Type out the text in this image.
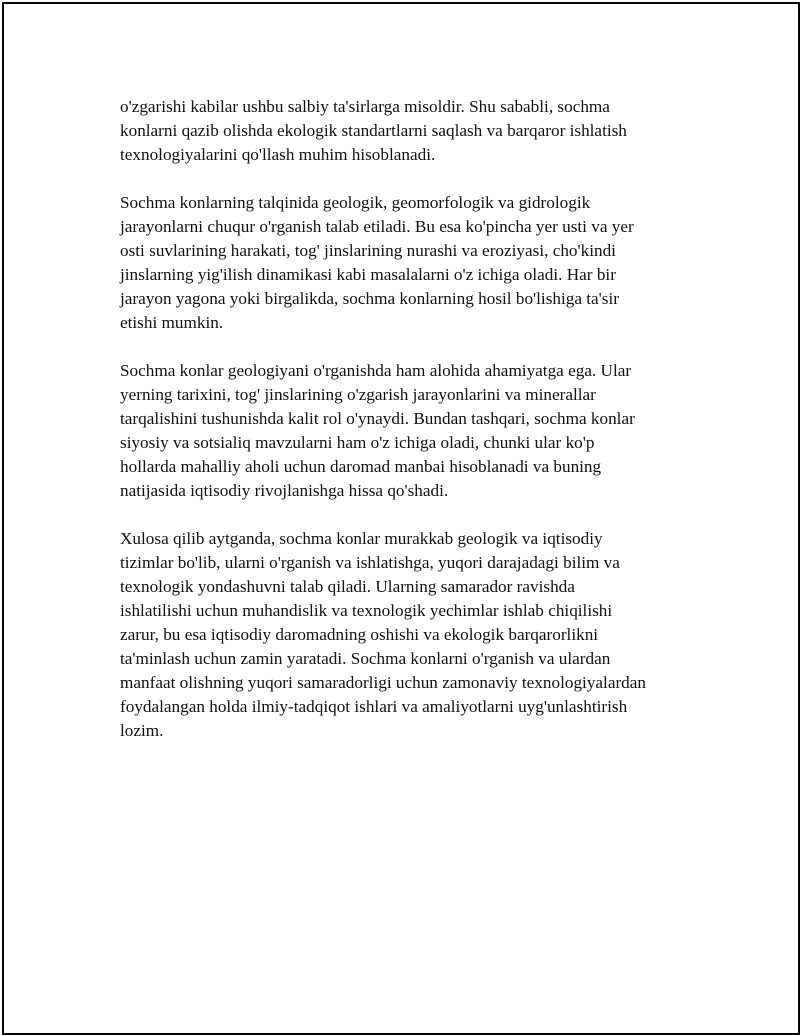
o'zgarishi kabilar ushbu salbiy ta'sirlarga misoldir. Shu sababli, sochma
konlarni qazib olishda ekologik standartlarni saqlash va barqaror ishlatish
texnologiyalarini qo'llash muhim hisoblanadi.

Sochma konlarning talqinida geologik, geomorfologik va gidrologik
jarayonlarni chuqur o'rganish talab etiladi. Bu esa ko'pincha yer usti va yer
osti suvlarining harakati, tog' jinslarining nurashi va eroziyasi, cho'kindi
jinslarning yig'ilish dinamikasi kabi masalalarni o'z ichiga oladi. Har bir
jarayon yagona yoki birgalikda, sochma konlarning hosil bo'lishiga ta'sir
etishi mumkin.

Sochma konlar geologiyani o'rganishda ham alohida ahamiyatga ega. Ular
yerning tarixini, tog' jinslarining o'zgarish jarayonlarini va minerallar
tarqalishini tushunishda kalit rol o'ynaydi. Bundan tashqari, sochma konlar
siyosiy va sotsialiq mavzularni ham o'z ichiga oladi, chunki ular ko'p
hollarda mahalliy aholi uchun daromad manbai hisoblanadi va buning
natijasida iqtisodiy rivojlanishga hissa qo'shadi.

Xulosa qilib aytganda, sochma konlar murakkab geologik va iqtisodiy
tizimlar bo'lib, ularni o'rganish va ishlatishga, yuqori darajadagi bilim va
texnologik yondashuvni talab qiladi. Ularning samarador ravishda
ishlatilishi uchun muhandislik va texnologik yechimlar ishlab chiqilishi
zarur, bu esa iqtisodiy daromadning oshishi va ekologik barqarorlikni
ta'minlash uchun zamin yaratadi. Sochma konlarni o'rganish va ulardan
manfaat olishning yuqori samaradorligi uchun zamonaviy texnologiyalardan
foydalangan holda ilmiy-tadqiqot ishlari va amaliyotlarni uyg'unlashtirish
lozim.
